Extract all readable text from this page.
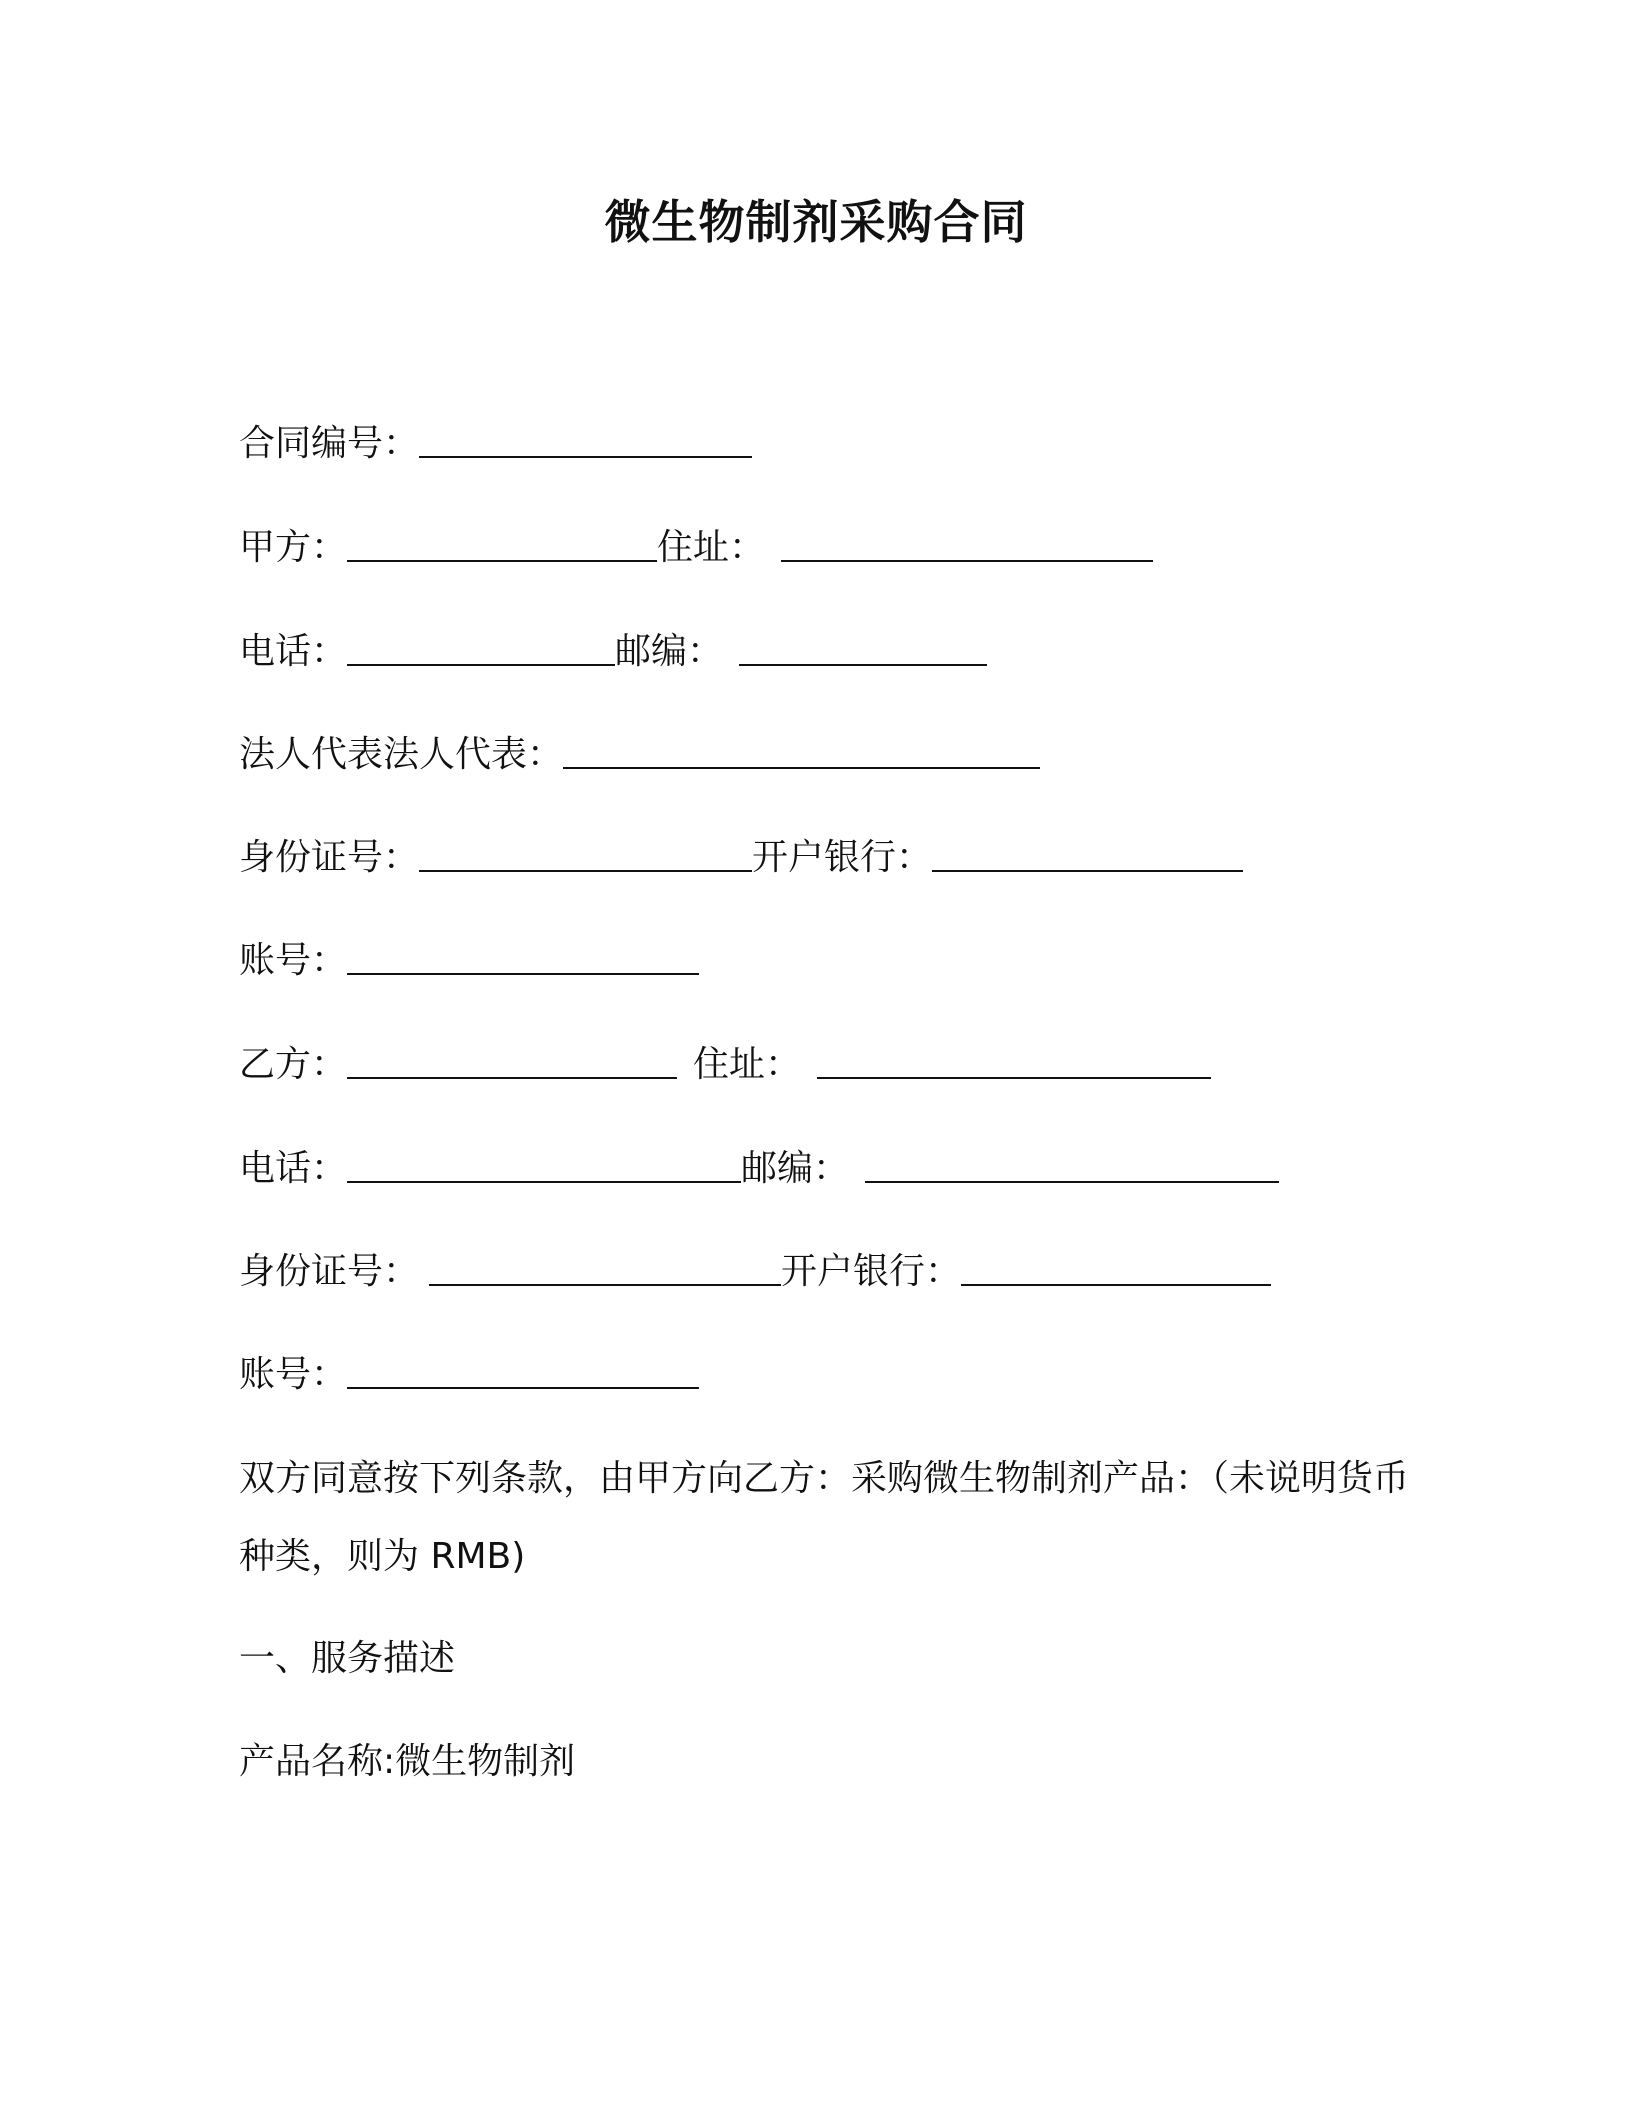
微生物制剂采购合同
合同编号：
甲方：	住址：
电话：	邮编：
法人代表法人代表：
身份证号：	开户银行：
账号：
乙方：	住址：
电话：	邮编：
身份证号：	开户银行：
账号：
双方同意按下列条款，由甲方向乙方：采购微生物制剂产品：（未说明货币种类，则为 RMB)
一、服务描述
产品名称:微生物制剂
